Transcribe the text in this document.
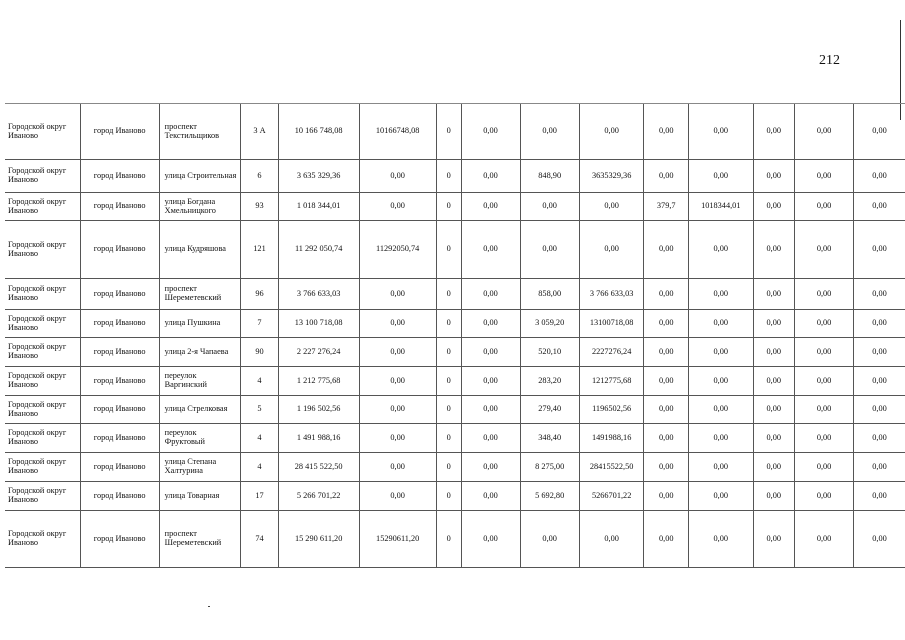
212
Городской округ Иваново	город Иваново	проспект Текстильщиков	3 А	10 166 748,08	10166748,08	0	0,00	0,00	0,00	0,00	0,00	0,00	0,00	0,00
Городской округ Иваново	город Иваново	улица Строительная	6	3 635 329,36	0,00	0	0,00	848,90	3635329,36	0,00	0,00	0,00	0,00	0,00
Городской округ Иваново	город Иваново	улица Богдана Хмельницкого	93	1 018 344,01	0,00	0	0,00	0,00	0,00	379,7	1018344,01	0,00	0,00	0,00
Городской округ Иваново	город Иваново	улица Кудряшова	121	11 292 050,74	11292050,74	0	0,00	0,00	0,00	0,00	0,00	0,00	0,00	0,00
Городской округ Иваново	город Иваново	проспект Шереметевский	96	3 766 633,03	0,00	0	0,00	858,00	3 766 633,03	0,00	0,00	0,00	0,00	0,00
Городской округ Иваново	город Иваново	улица Пушкина	7	13 100 718,08	0,00	0	0,00	3 059,20	13100718,08	0,00	0,00	0,00	0,00	0,00
Городской округ Иваново	город Иваново	улица 2-я Чапаева	90	2 227 276,24	0,00	0	0,00	520,10	2227276,24	0,00	0,00	0,00	0,00	0,00
Городской округ Иваново	город Иваново	переулок Варгинский	4	1 212 775,68	0,00	0	0,00	283,20	1212775,68	0,00	0,00	0,00	0,00	0,00
Городской округ Иваново	город Иваново	улица Стрелковая	5	1 196 502,56	0,00	0	0,00	279,40	1196502,56	0,00	0,00	0,00	0,00	0,00
Городской округ Иваново	город Иваново	переулок Фруктовый	4	1 491 988,16	0,00	0	0,00	348,40	1491988,16	0,00	0,00	0,00	0,00	0,00
Городской округ Иваново	город Иваново	улица Степана Халтурина	4	28 415 522,50	0,00	0	0,00	8 275,00	28415522,50	0,00	0,00	0,00	0,00	0,00
Городской округ Иваново	город Иваново	улица Товарная	17	5 266 701,22	0,00	0	0,00	5 692,80	5266701,22	0,00	0,00	0,00	0,00	0,00
Городской округ Иваново	город Иваново	проспект Шереметевский	74	15 290 611,20	15290611,20	0	0,00	0,00	0,00	0,00	0,00	0,00	0,00	0,00
